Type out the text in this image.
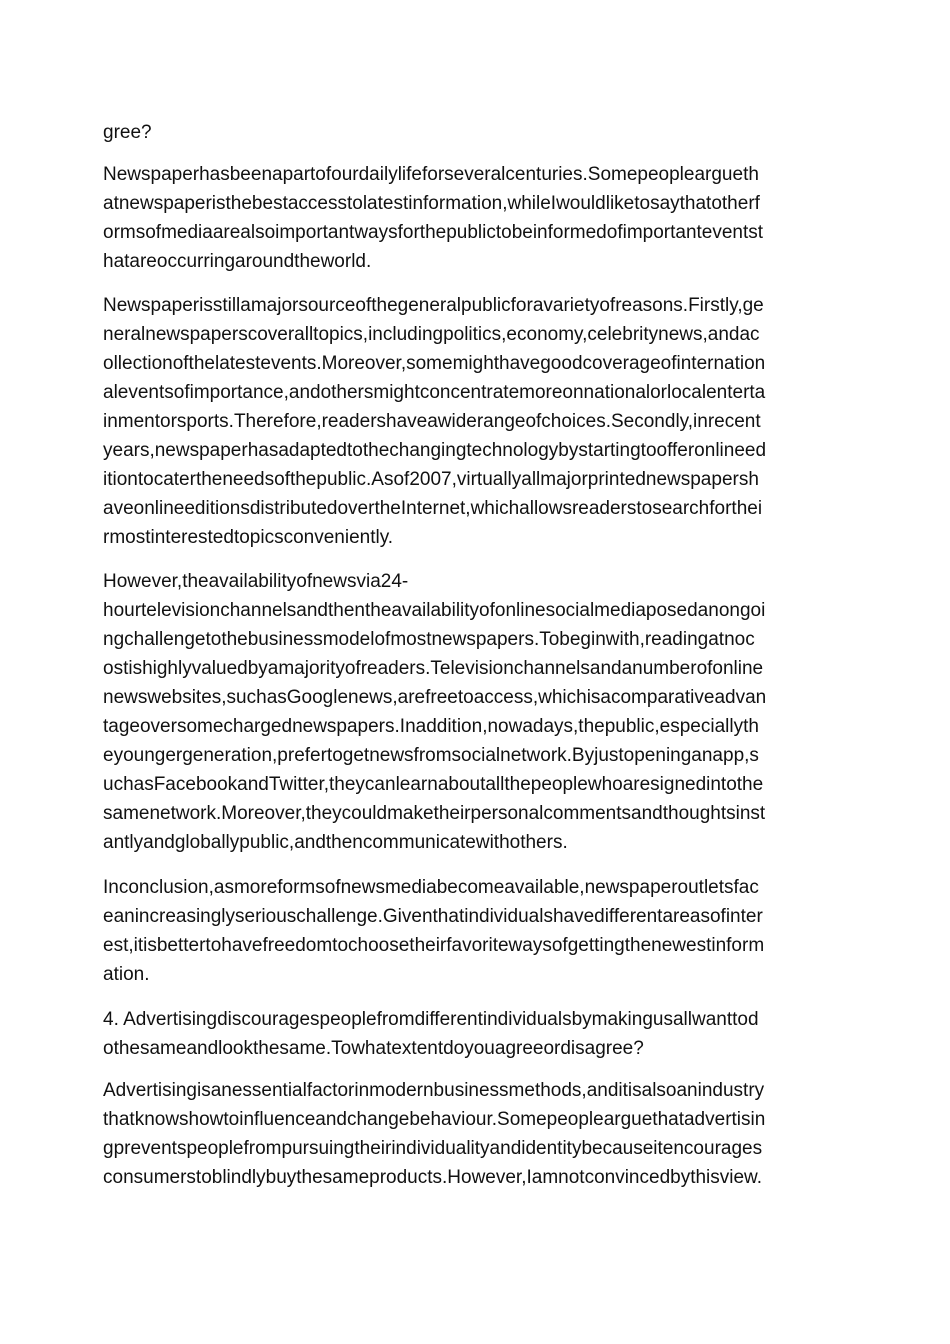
gree?
Newspaperhasbeenapartofourdailylifeforseveralcenturies.Somepeopleargueth
atnewspaperisthebestaccesstolatestinformation,whileIwouldliketosaythatotherf
ormsofmediaarealsoimportantwaysforthepublictobeinformedofimportanteventst
hatareoccurringaroundtheworld.
Newspaperisstillamajorsourceofthegeneralpublicforavarietyofreasons.Firstly,ge
neralnewspaperscoveralltopics,includingpolitics,economy,celebritynews,andac
ollectionofthelatestevents.Moreover,somemighthavegoodcoverageofinternation
aleventsofimportance,andothersmightconcentratemoreonnationalorlocalenterta
inmentorsports.Therefore,readershaveawiderangeofchoices.Secondly,inrecent
years,newspaperhasadaptedtothechangingtechnologybystartingtoofferonlineed
itiontocatertheneedsofthepublic.Asof2007,virtuallyallmajorprintednewspapersh
aveonlineeditionsdistributedovertheInternet,whichallowsreaderstosearchforthei
rmostinterestedtopicsconveniently.
However,theavailabilityofnewsvia24-
hourtelevisionchannelsandthentheavailabilityofonlinesocialmediaposedanongoi
ngchallengetothebusinessmodelofmostnewspapers.Tobeginwith,readingatnoc
ostishighlyvaluedbyamajorityofreaders.Televisionchannelsandanumberofonline
newswebsites,suchasGooglenews,arefreetoaccess,whichisacomparativeadvan
tageoversomechargednewspapers.Inaddition,nowadays,thepublic,especiallyth
eyoungergeneration,prefertogetnewsfromsocialnetwork.Byjustopeninganapp,s
uchasFacebookandTwitter,theycanlearnaboutallthepeoplewhoaresignedintothe
samenetwork.Moreover,theycouldmaketheirpersonalcommentsandthoughtsinst
antlyandgloballypublic,andthencommunicatewithothers.
Inconclusion,asmoreformsofnewsmediabecomeavailable,newspaperoutletsfac
eanincreasinglyseriouschallenge.Giventhatindividualshavedifferentareasofinter
est,itisbettertohavefreedomtochoosetheirfavoritewaysofgettingthenewestinform
ation.
4. Advertisingdiscouragespeoplefromdifferentindividualsbymakingusallwanttod
othesameandlookthesame.Towhatextentdoyouagreeordisagree?
Advertisingisanessentialfactorinmodernbusinessmethods,anditisalsoanindustry
thatknowshowtoinfluenceandchangebehaviour.Somepeoplearguethatadvertisin
gpreventspeoplefrompursuingtheirindividualityandidentitybecauseitencourages
consumerstoblindlybuythesameproducts.However,Iamnotconvincedbythisview.
